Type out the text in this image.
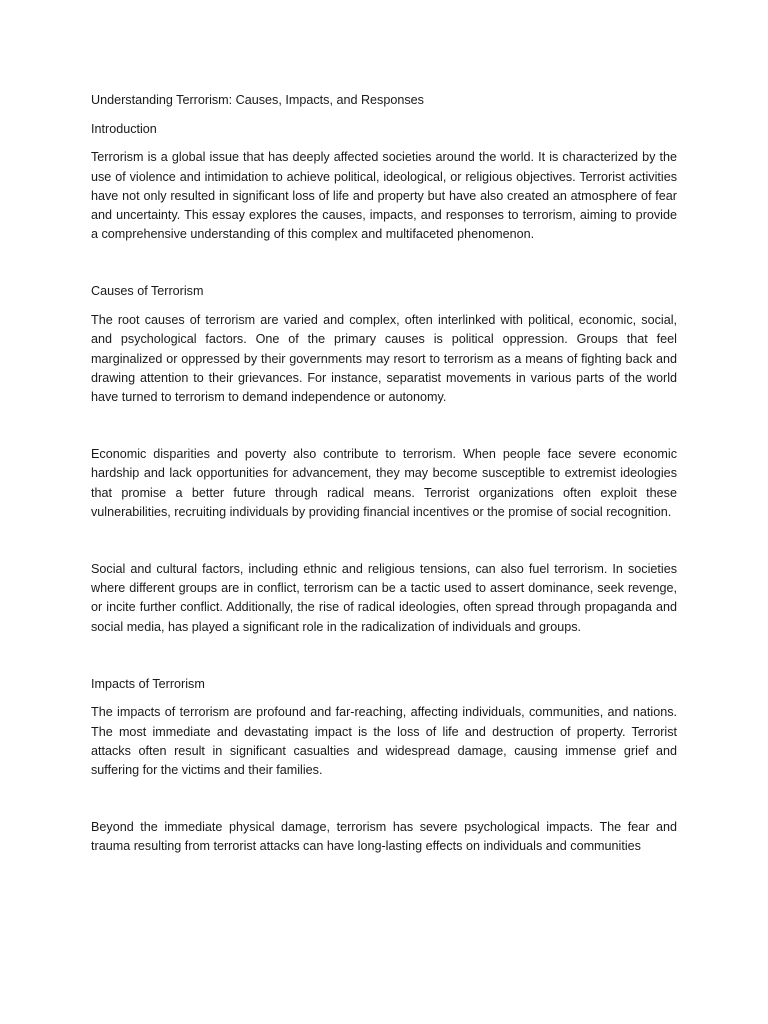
Understanding Terrorism: Causes, Impacts, and Responses

Introduction

Terrorism is a global issue that has deeply affected societies around the world. It is characterized by the use of violence and intimidation to achieve political, ideological, or religious objectives. Terrorist activities have not only resulted in significant loss of life and property but have also created an atmosphere of fear and uncertainty. This essay explores the causes, impacts, and responses to terrorism, aiming to provide a comprehensive understanding of this complex and multifaceted phenomenon.

Causes of Terrorism

The root causes of terrorism are varied and complex, often interlinked with political, economic, social, and psychological factors. One of the primary causes is political oppression. Groups that feel marginalized or oppressed by their governments may resort to terrorism as a means of fighting back and drawing attention to their grievances. For instance, separatist movements in various parts of the world have turned to terrorism to demand independence or autonomy.

Economic disparities and poverty also contribute to terrorism. When people face severe economic hardship and lack opportunities for advancement, they may become susceptible to extremist ideologies that promise a better future through radical means. Terrorist organizations often exploit these vulnerabilities, recruiting individuals by providing financial incentives or the promise of social recognition.

Social and cultural factors, including ethnic and religious tensions, can also fuel terrorism. In societies where different groups are in conflict, terrorism can be a tactic used to assert dominance, seek revenge, or incite further conflict. Additionally, the rise of radical ideologies, often spread through propaganda and social media, has played a significant role in the radicalization of individuals and groups.

Impacts of Terrorism

The impacts of terrorism are profound and far-reaching, affecting individuals, communities, and nations. The most immediate and devastating impact is the loss of life and destruction of property. Terrorist attacks often result in significant casualties and widespread damage, causing immense grief and suffering for the victims and their families.

Beyond the immediate physical damage, terrorism has severe psychological impacts. The fear and trauma resulting from terrorist attacks can have long-lasting effects on individuals and communities
